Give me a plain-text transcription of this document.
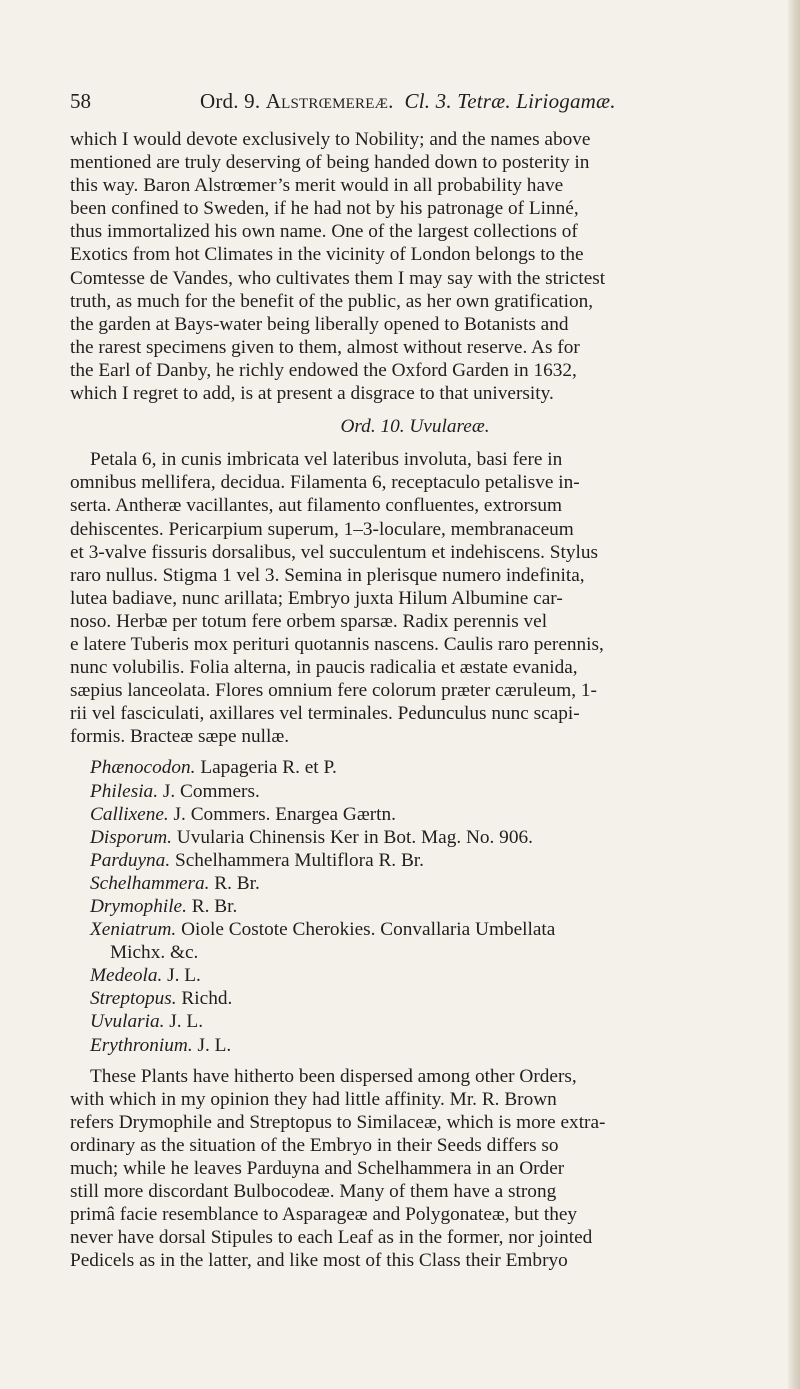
58	Ord. 9. Alstrœmereæ. Cl. 3. Tetræ. Liriogamæ.
which I would devote exclusively to Nobility; and the names above
mentioned are truly deserving of being handed down to posterity in
this way. Baron Alstrœmer’s merit would in all probability have
been confined to Sweden, if he had not by his patronage of Linné,
thus immortalized his own name. One of the largest collections of
Exotics from hot Climates in the vicinity of London belongs to the
Comtesse de Vandes, who cultivates them I may say with the strictest
truth, as much for the benefit of the public, as her own gratification,
the garden at Bays-water being liberally opened to Botanists and
the rarest specimens given to them, almost without reserve. As for
the Earl of Danby, he richly endowed the Oxford Garden in 1632,
which I regret to add, is at present a disgrace to that university.
Ord. 10. Uvulareæ.
Petala 6, in cunis imbricata vel lateribus involuta, basi fere in
omnibus mellifera, decidua. Filamenta 6, receptaculo petalisve in-
serta. Antheræ vacillantes, aut filamento confluentes, extrorsum
dehiscentes. Pericarpium superum, 1–3-loculare, membranaceum
et 3-valve fissuris dorsalibus, vel succulentum et indehiscens. Stylus
raro nullus. Stigma 1 vel 3. Semina in plerisque numero indefinita,
lutea badiave, nunc arillata; Embryo juxta Hilum Albumine car-
noso. Herbæ per totum fere orbem sparsæ. Radix perennis vel
e latere Tuberis mox perituri quotannis nascens. Caulis raro perennis,
nunc volubilis. Folia alterna, in paucis radicalia et æstate evanida,
sæpius lanceolata. Flores omnium fere colorum præter cæruleum, 1-
rii vel fasciculati, axillares vel terminales. Pedunculus nunc scapi-
formis. Bracteæ sæpe nullæ.
Phænocodon. Lapageria R. et P.
Philesia. J. Commers.
Callixene. J. Commers. Enargea Gærtn.
Disporum. Uvularia Chinensis Ker in Bot. Mag. No. 906.
Parduyna. Schelhammera Multiflora R. Br.
Schelhammera. R. Br.
Drymophile. R. Br.
Xeniatrum. Oiole Costote Cherokies. Convallaria Umbellata
Michx. &c.
Medeola. J. L.
Streptopus. Richd.
Uvularia. J. L.
Erythronium. J. L.
These Plants have hitherto been dispersed among other Orders,
with which in my opinion they had little affinity. Mr. R. Brown
refers Drymophile and Streptopus to Similaceæ, which is more extra-
ordinary as the situation of the Embryo in their Seeds differs so
much; while he leaves Parduyna and Schelhammera in an Order
still more discordant Bulbocodeæ. Many of them have a strong
primâ facie resemblance to Asparageæ and Polygonateæ, but they
never have dorsal Stipules to each Leaf as in the former, nor jointed
Pedicels as in the latter, and like most of this Class their Embryo
